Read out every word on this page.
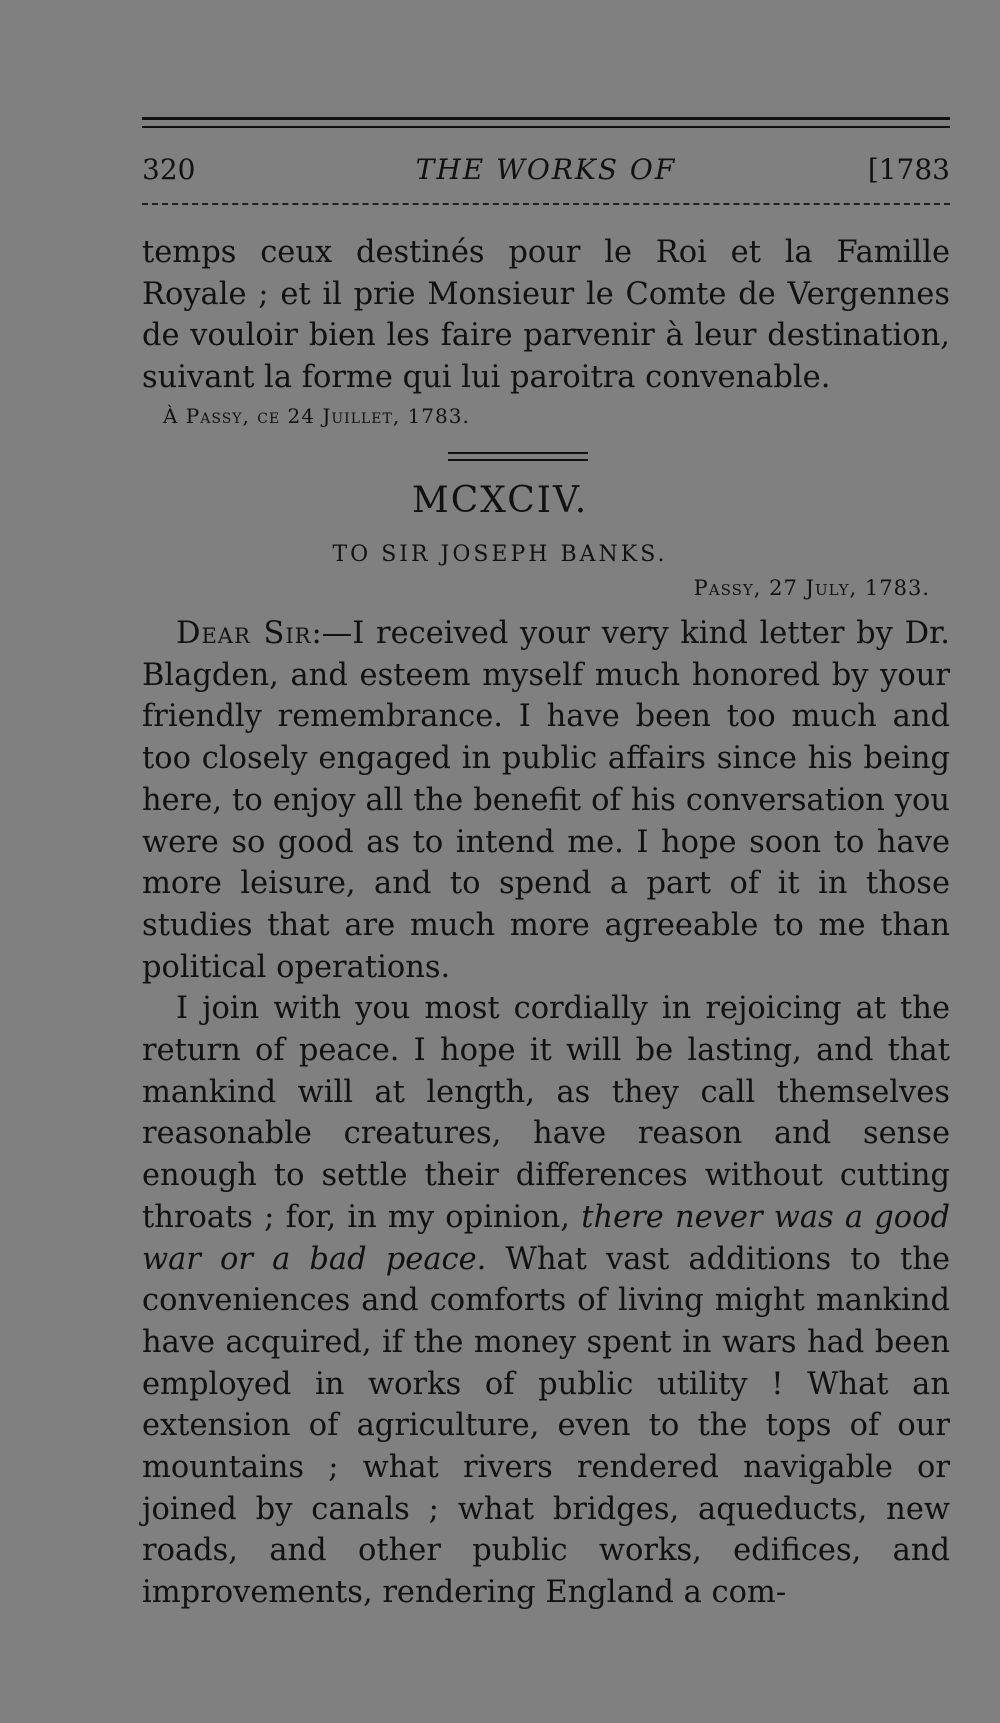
320	THE WORKS OF	[1783

temps ceux destinés pour le Roi et la Famille Royale ; et il prie Monsieur le Comte de Vergennes de vouloir bien les faire parvenir à leur destination, suivant la forme qui lui paroitra convenable.

À Passy, ce 24 Juillet, 1783.
MCXCIV.
TO SIR JOSEPH BANKS.
Passy, 27 July, 1783.

Dear Sir:—I received your very kind letter by Dr. Blagden, and esteem myself much honored by your friendly remembrance. I have been too much and too closely engaged in public affairs since his being here, to enjoy all the benefit of his conversation you were so good as to intend me. I hope soon to have more leisure, and to spend a part of it in those studies that are much more agreeable to me than political operations.

I join with you most cordially in rejoicing at the return of peace. I hope it will be lasting, and that mankind will at length, as they call themselves reasonable creatures, have reason and sense enough to settle their differences without cutting throats ; for, in my opinion, there never was a good war or a bad peace. What vast additions to the conveniences and comforts of living might mankind have acquired, if the money spent in wars had been employed in works of public utility ! What an extension of agriculture, even to the tops of our mountains ; what rivers rendered navigable or joined by canals ; what bridges, aqueducts, new roads, and other public works, edifices, and improvements, rendering England a com-
